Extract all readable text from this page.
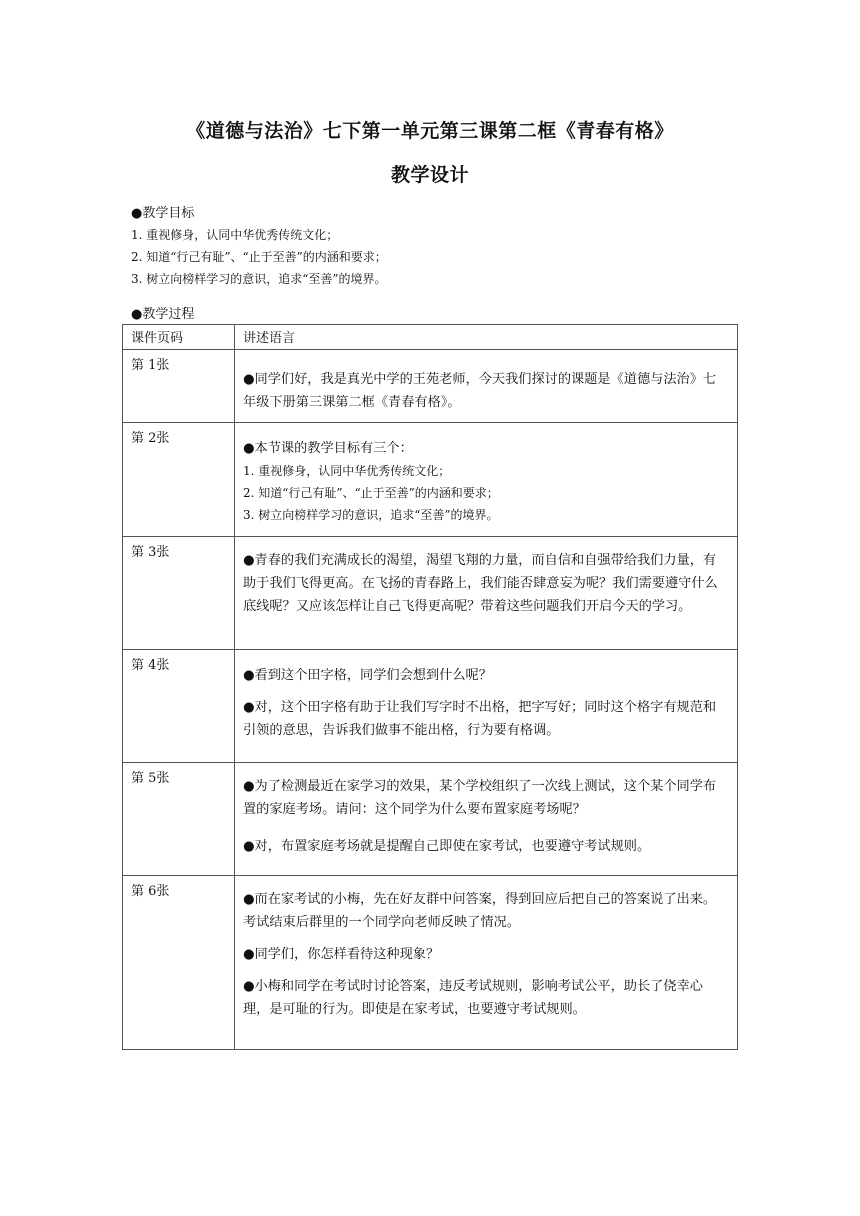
《道德与法治》七下第一单元第三课第二框《青春有格》
教学设计
●教学目标
1. 重视修身，认同中华优秀传统文化；
2. 知道“行己有耻”、“止于至善”的内涵和要求；
3. 树立向榜样学习的意识，追求“至善”的境界。
●教学过程
课件页码	讲述语言
第 1张	●同学们好，我是真光中学的王苑老师，今天我们探讨的课题是《道德与法治》七年级下册第三课第二框《青春有格》。

第 2张	●本节课的教学目标有三个：

1. 重视修身，认同中华优秀传统文化；

2. 知道“行己有耻”、“止于至善”的内涵和要求；

3. 树立向榜样学习的意识，追求“至善”的境界。

第 3张	●青春的我们充满成长的渴望，渴望飞翔的力量，而自信和自强带给我们力量，有助于我们飞得更高。在飞扬的青春路上，我们能否肆意妄为呢？我们需要遵守什么底线呢？又应该怎样让自己飞得更高呢？带着这些问题我们开启今天的学习。

第 4张	●看到这个田字格，同学们会想到什么呢？

●对，这个田字格有助于让我们写字时不出格，把字写好；同时这个格字有规范和引领的意思，告诉我们做事不能出格，行为要有格调。

第 5张	●为了检测最近在家学习的效果，某个学校组织了一次线上测试，这个某个同学布置的家庭考场。请问：这个同学为什么要布置家庭考场呢？

●对，布置家庭考场就是提醒自己即使在家考试，也要遵守考试规则。

第 6张	●而在家考试的小梅，先在好友群中问答案，得到回应后把自己的答案说了出来。考试结束后群里的一个同学向老师反映了情况。

●同学们，你怎样看待这种现象？

●小梅和同学在考试时讨论答案，违反考试规则，影响考试公平，助长了侥幸心理，是可耻的行为。即使是在家考试，也要遵守考试规则。
